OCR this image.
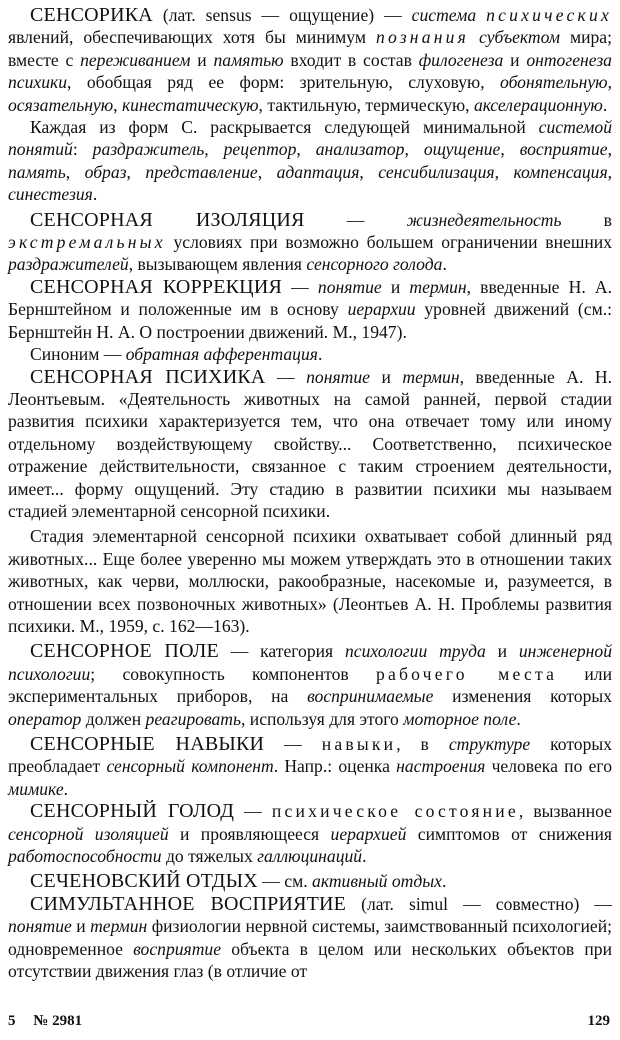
СЕНСОРИКА (лат. sensus — ощущение) — система психических явлений, обеспечивающих хотя бы минимум познания субъектом мира; вместе с переживанием и памятью входит в состав филогенеза и онтогенеза психики, обобщая ряд ее форм: зрительную, слуховую, обонятельную, осязательную, кинестатическую, тактильную, термическую, акселерационную.

Каждая из форм С. раскрывается следующей минимальной системой понятий: раздражитель, рецептор, анализатор, ощущение, восприятие, память, образ, представление, адаптация, сенсибилизация, компенсация, синестезия.

СЕНСОРНАЯ ИЗОЛЯЦИЯ — жизнедеятельность в экстремальных условиях при возможно большем ограничении внешних раздражителей, вызывающем явления сенсорного голода.

СЕНСОРНАЯ КОРРЕКЦИЯ — понятие и термин, введенные Н. А. Бернштейном и положенные им в основу иерархии уровней движений (см.: Бернштейн Н. А. О построении движений. М., 1947).

Синоним — обратная афферентация.

СЕНСОРНАЯ ПСИХИКА — понятие и термин, введенные А. Н. Леонтьевым. «Деятельность животных на самой ранней, первой стадии развития психики характеризуется тем, что она отвечает тому или иному отдельному воздействующему свойству... Соответственно, психическое отражение действительности, связанное с таким строением деятельности, имеет... форму ощущений. Эту стадию в развитии психики мы называем стадией элементарной сенсорной психики.

Стадия элементарной сенсорной психики охватывает собой длинный ряд животных... Еще более уверенно мы можем утверждать это в отношении таких животных, как черви, моллюски, ракообразные, насекомые и, разумеется, в отношении всех позвоночных животных» (Леонтьев А. Н. Проблемы развития психики. М., 1959, с. 162—163).

СЕНСОРНОЕ ПОЛЕ — категория психологии труда и инженерной психологии; совокупность компонентов рабочего места или экспериментальных приборов, на воспринимаемые изменения которых оператор должен реагировать, используя для этого моторное поле.

СЕНСОРНЫЕ НАВЫКИ — навыки, в структуре которых преобладает сенсорный компонент. Напр.: оценка настроения человека по его мимике.

СЕНСОРНЫЙ ГОЛОД — психическое состояние, вызванное сенсорной изоляцией и проявляющееся иерархией симптомов от снижения работоспособности до тяжелых галлюцинаций.

СЕЧЕНОВСКИЙ ОТДЫХ — см. активный отдых.

СИМУЛЬТАННОЕ ВОСПРИЯТИЕ (лат. simul — совместно) — понятие и термин физиологии нервной системы, заимствованный психологией; одновременное восприятие объекта в целом или нескольких объектов при отсутствии движения глаз (в отличие от

5 № 2981	129
